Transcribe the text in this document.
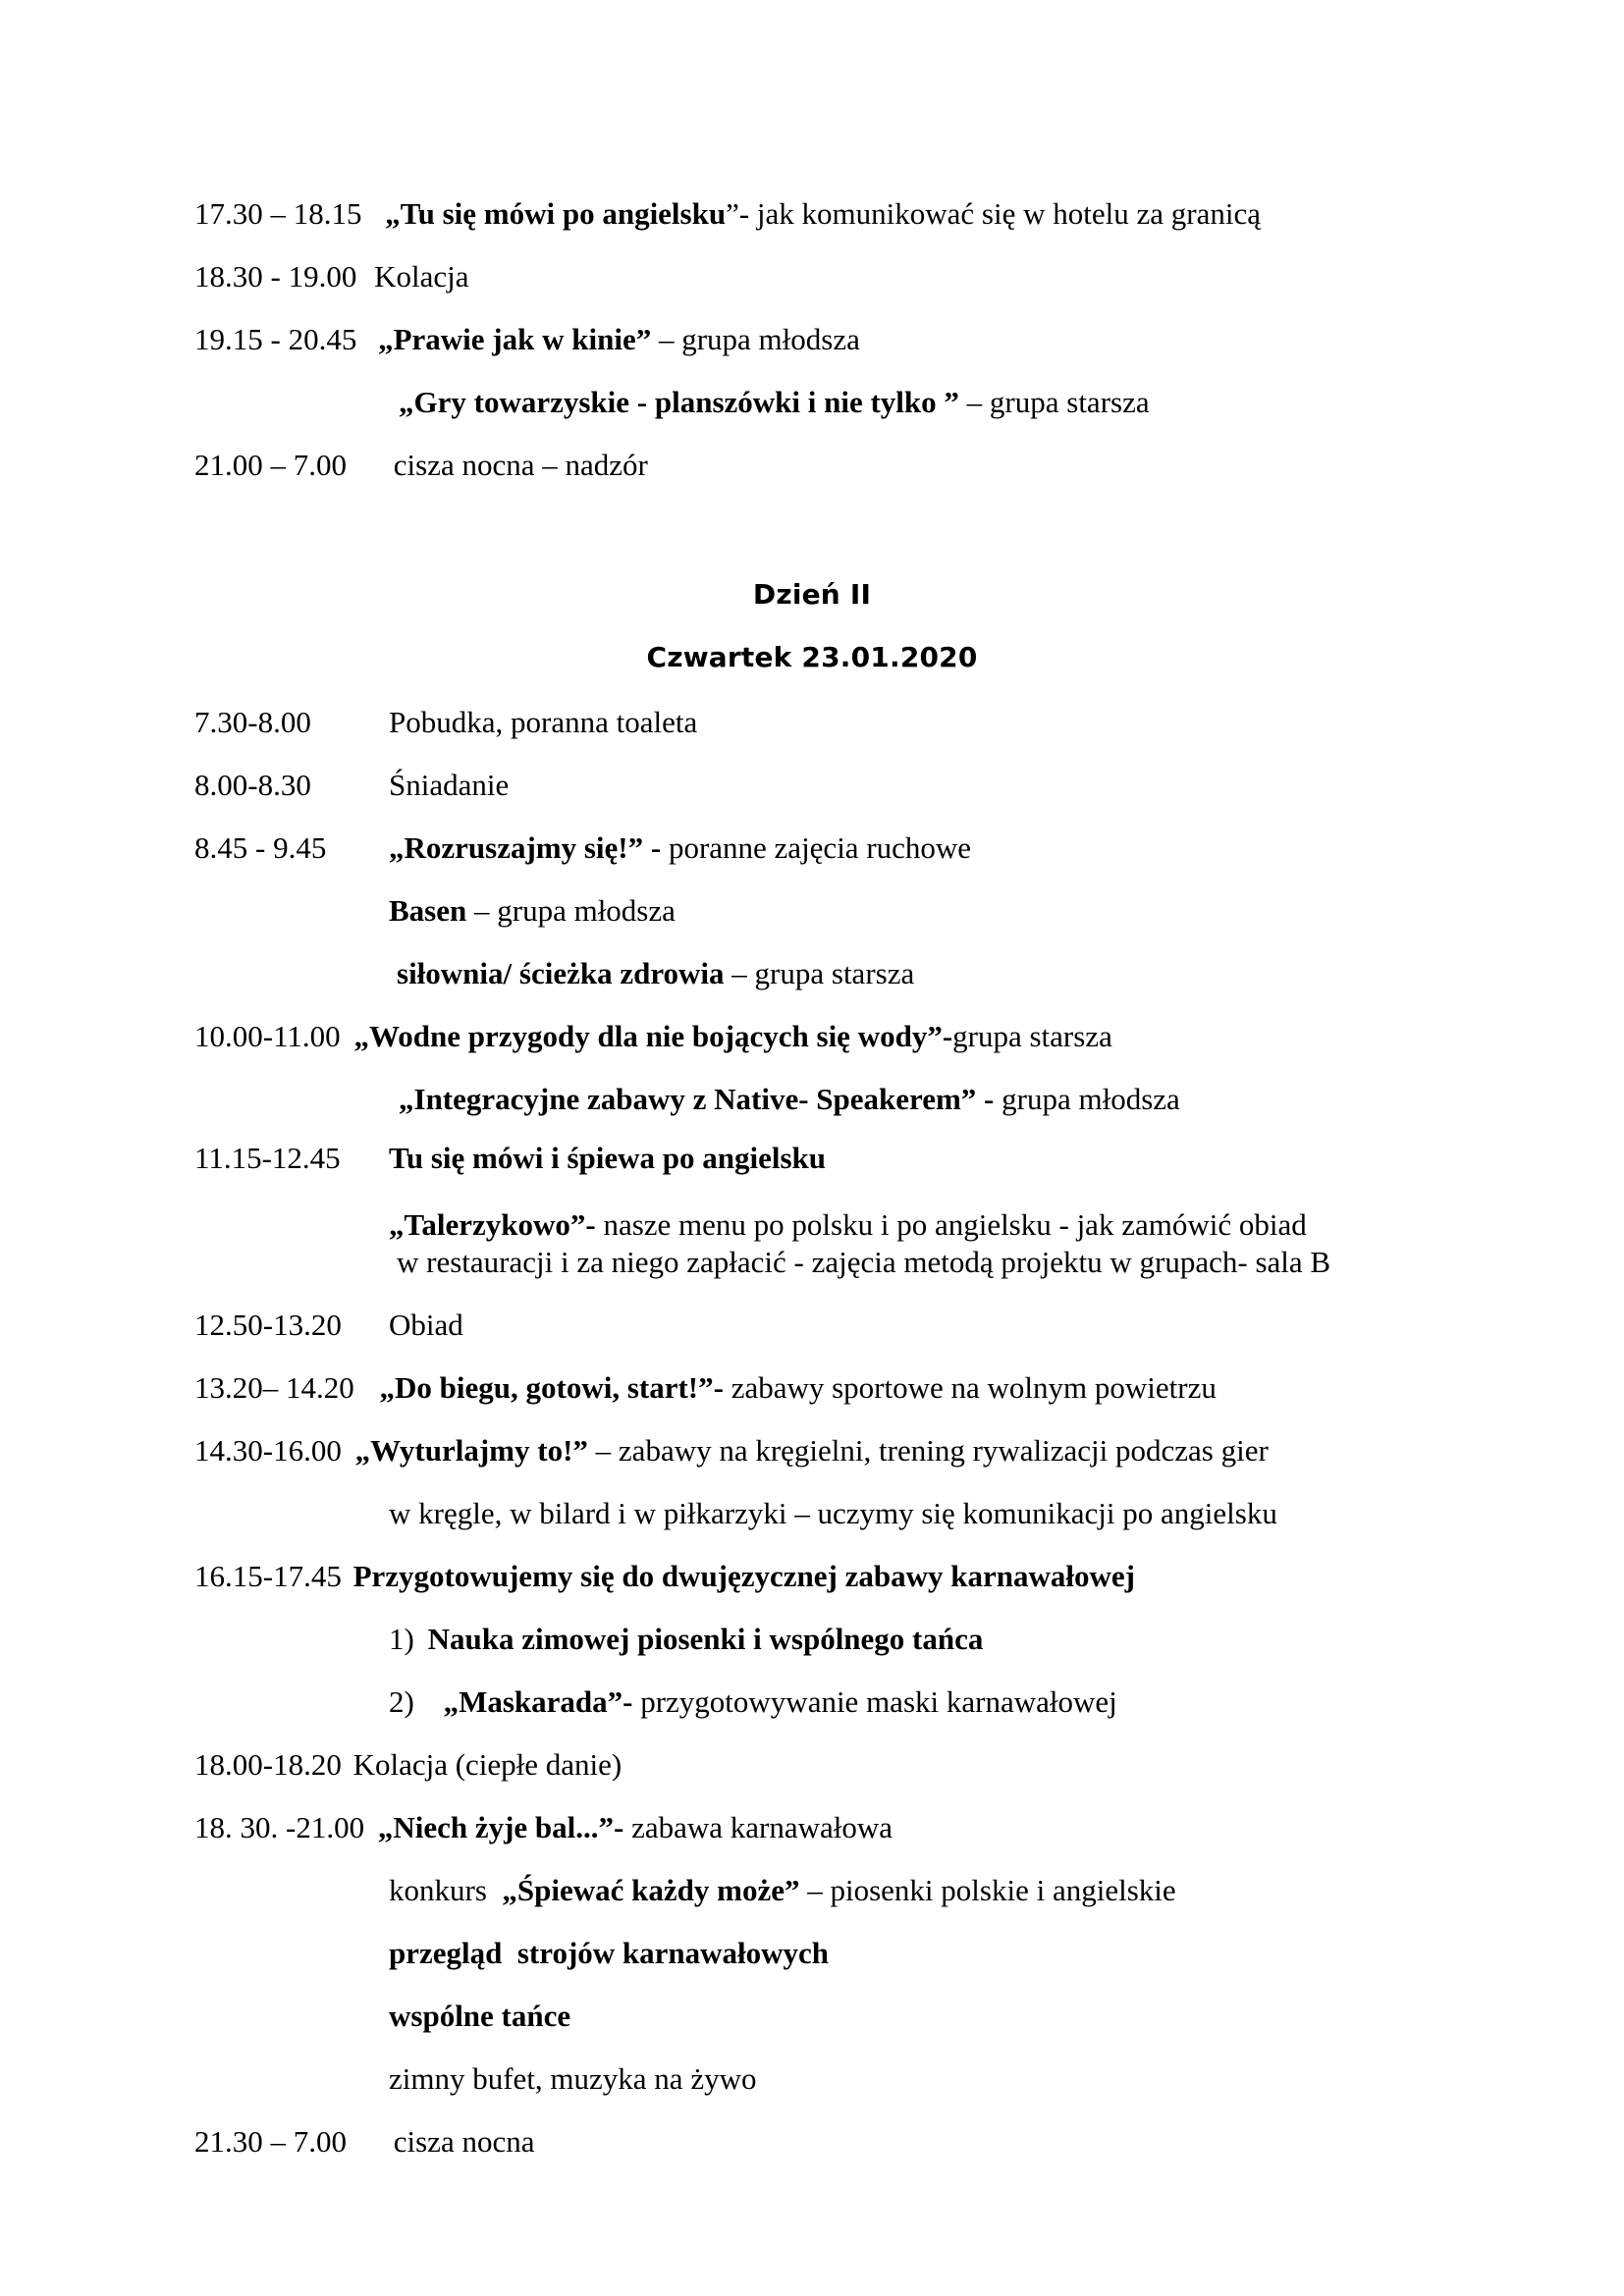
17.30 – 18.15 „Tu się mówi po angielsku”- jak komunikować się w hotelu za granicą
18.30 - 19.00 Kolacja
19.15 - 20.45 „Prawie jak w kinie” – grupa młodsza
„Gry towarzyskie - planszówki i nie tylko ” – grupa starsza
21.00 – 7.00 cisza nocna – nadzór
Dzień II
Czwartek 23.01.2020
7.30-8.00	Pobudka, poranna toaleta
8.00-8.30	Śniadanie
8.45 - 9.45 „Rozruszajmy się!” - poranne zajęcia ruchowe
Basen – grupa młodsza
siłownia/ ścieżka zdrowia – grupa starsza
10.00-11.00 „Wodne przygody dla nie bojących się wody”-grupa starsza
„Integracyjne zabawy z Native- Speakerem” - grupa młodsza
11.15-12.45 Tu się mówi i śpiewa po angielsku
„Talerzykowo”- nasze menu po polsku i po angielsku - jak zamówić obiad
w restauracji i za niego zapłacić - zajęcia metodą projektu w grupach- sala B
12.50-13.20 Obiad
13.20– 14.20 „Do biegu, gotowi, start!”- zabawy sportowe na wolnym powietrzu
14.30-16.00 „Wyturlajmy to!” – zabawy na kręgielni, trening rywalizacji podczas gier
w kręgle, w bilard i w piłkarzyki – uczymy się komunikacji po angielsku
16.15-17.45 Przygotowujemy się do dwujęzycznej zabawy karnawałowej
1) Nauka zimowej piosenki i wspólnego tańca
2) „Maskarada”- przygotowywanie maski karnawałowej
18.00-18.20 Kolacja (ciepłe danie)
18. 30. -21.00 „Niech żyje bal...”- zabawa karnawałowa
konkurs  „Śpiewać każdy może” – piosenki polskie i angielskie
przegląd  strojów karnawałowych
wspólne tańce
zimny bufet, muzyka na żywo
21.30 – 7.00 cisza nocna
